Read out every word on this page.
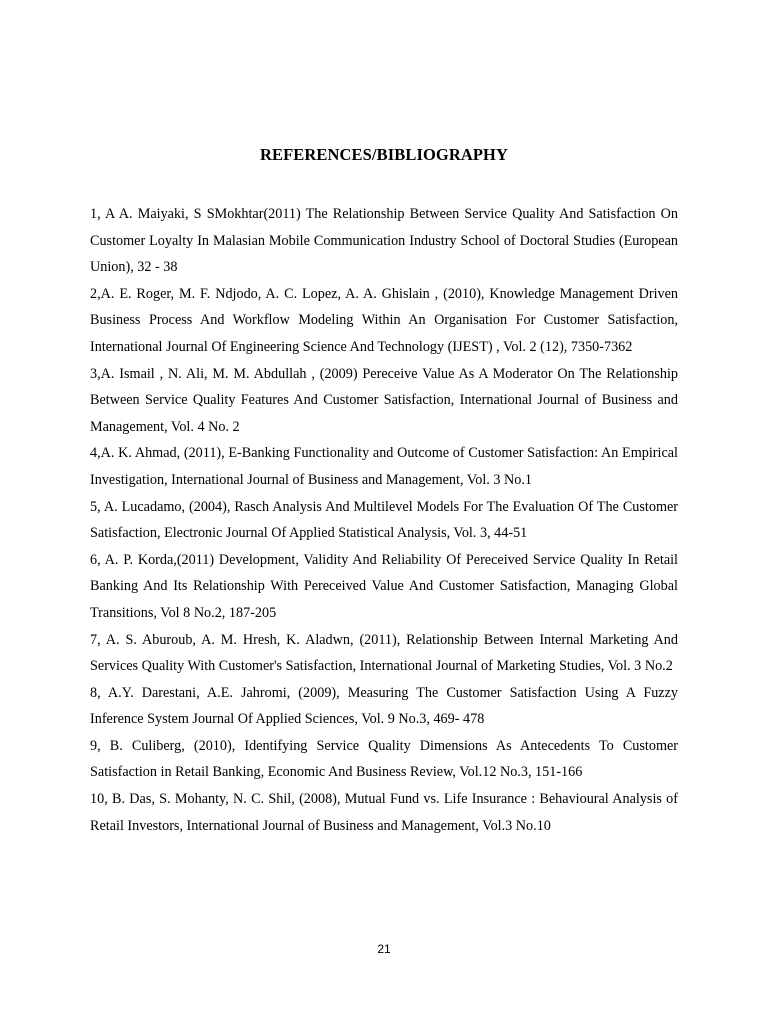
REFERENCES/BIBLIOGRAPHY

1, A A. Maiyaki, S SMokhtar(2011) The Relationship Between Service Quality And Satisfaction On Customer Loyalty In Malasian Mobile Communication Industry School of Doctoral Studies (European Union), 32 - 38

2,A. E. Roger, M. F. Ndjodo, A. C. Lopez, A. A. Ghislain , (2010), Knowledge Management Driven Business Process And Workflow Modeling Within An Organisation For Customer Satisfaction, International Journal Of Engineering Science And Technology (IJEST) , Vol. 2 (12), 7350-7362

3,A. Ismail , N. Ali, M. M. Abdullah , (2009) Pereceive Value As A Moderator On The Relationship Between Service Quality Features And Customer Satisfaction, International Journal of Business and Management, Vol. 4 No. 2

4,A. K. Ahmad, (2011), E-Banking Functionality and Outcome of Customer Satisfaction: An Empirical Investigation, International Journal of Business and Management, Vol. 3 No.1

5, A. Lucadamo, (2004), Rasch Analysis And Multilevel Models For The Evaluation Of The Customer Satisfaction, Electronic Journal Of Applied Statistical Analysis, Vol. 3, 44-51

6, A. P. Korda,(2011) Development, Validity And Reliability Of Pereceived Service Quality In Retail Banking And Its Relationship With Pereceived Value And Customer Satisfaction, Managing Global Transitions, Vol 8 No.2, 187-205

7, A. S. Aburoub, A. M. Hresh, K. Aladwn, (2011), Relationship Between Internal Marketing And Services Quality With Customer's Satisfaction, International Journal of Marketing Studies, Vol. 3 No.2

8, A.Y. Darestani, A.E. Jahromi, (2009), Measuring The Customer Satisfaction Using A Fuzzy Inference System Journal Of Applied Sciences, Vol. 9 No.3, 469- 478

9, B. Culiberg, (2010), Identifying Service Quality Dimensions As Antecedents To Customer Satisfaction in Retail Banking, Economic And Business Review, Vol.12 No.3, 151-166

10, B. Das, S. Mohanty, N. C. Shil, (2008), Mutual Fund vs. Life Insurance : Behavioural Analysis of Retail Investors, International Journal of Business and Management, Vol.3 No.10

21
